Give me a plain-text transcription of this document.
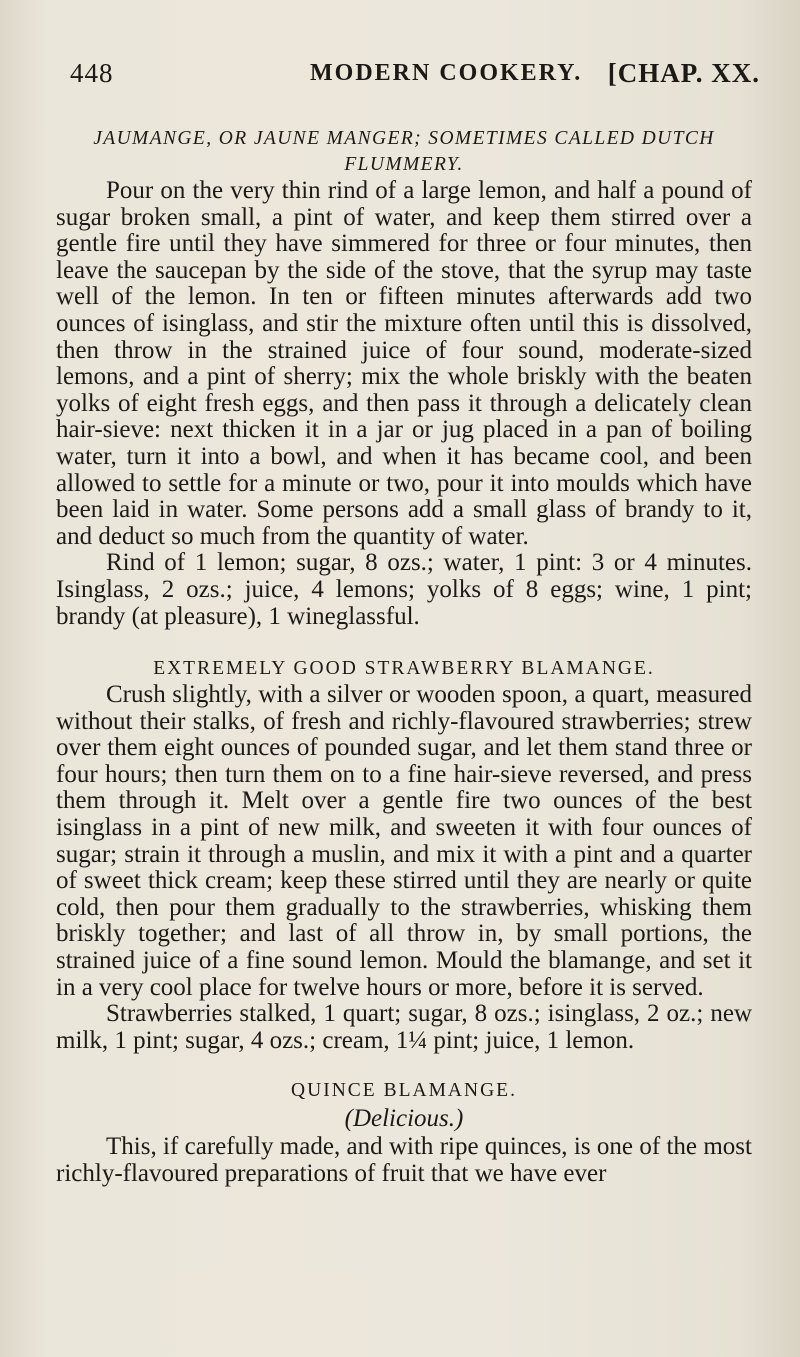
448	MODERN COOKERY. [CHAP. XX.
JAUMANGE, OR JAUNE MANGER; SOMETIMES CALLED DUTCH
FLUMMERY.

Pour on the very thin rind of a large lemon, and half a pound of sugar broken small, a pint of water, and keep them stirred over a gentle fire until they have simmered for three or four minutes, then leave the saucepan by the side of the stove, that the syrup may taste well of the lemon. In ten or fifteen minutes afterwards add two ounces of isinglass, and stir the mixture often until this is dissolved, then throw in the strained juice of four sound, moderate-sized lemons, and a pint of sherry; mix the whole briskly with the beaten yolks of eight fresh eggs, and then pass it through a delicately clean hair-sieve: next thicken it in a jar or jug placed in a pan of boiling water, turn it into a bowl, and when it has became cool, and been allowed to settle for a minute or two, pour it into moulds which have been laid in water. Some persons add a small glass of brandy to it, and deduct so much from the quantity of water.

Rind of 1 lemon; sugar, 8 ozs.; water, 1 pint: 3 or 4 minutes. Isinglass, 2 ozs.; juice, 4 lemons; yolks of 8 eggs; wine, 1 pint; brandy (at pleasure), 1 wineglassful.

EXTREMELY GOOD STRAWBERRY BLAMANGE.

Crush slightly, with a silver or wooden spoon, a quart, measured without their stalks, of fresh and richly-flavoured strawberries; strew over them eight ounces of pounded sugar, and let them stand three or four hours; then turn them on to a fine hair-sieve reversed, and press them through it. Melt over a gentle fire two ounces of the best isinglass in a pint of new milk, and sweeten it with four ounces of sugar; strain it through a muslin, and mix it with a pint and a quarter of sweet thick cream; keep these stirred until they are nearly or quite cold, then pour them gradually to the strawberries, whisking them briskly together; and last of all throw in, by small portions, the strained juice of a fine sound lemon. Mould the blamange, and set it in a very cool place for twelve hours or more, before it is served.

Strawberries stalked, 1 quart; sugar, 8 ozs.; isinglass, 2 oz.; new milk, 1 pint; sugar, 4 ozs.; cream, 1¼ pint; juice, 1 lemon.

QUINCE BLAMANGE.
(Delicious.)

This, if carefully made, and with ripe quinces, is one of the most richly-flavoured preparations of fruit that we have ever
